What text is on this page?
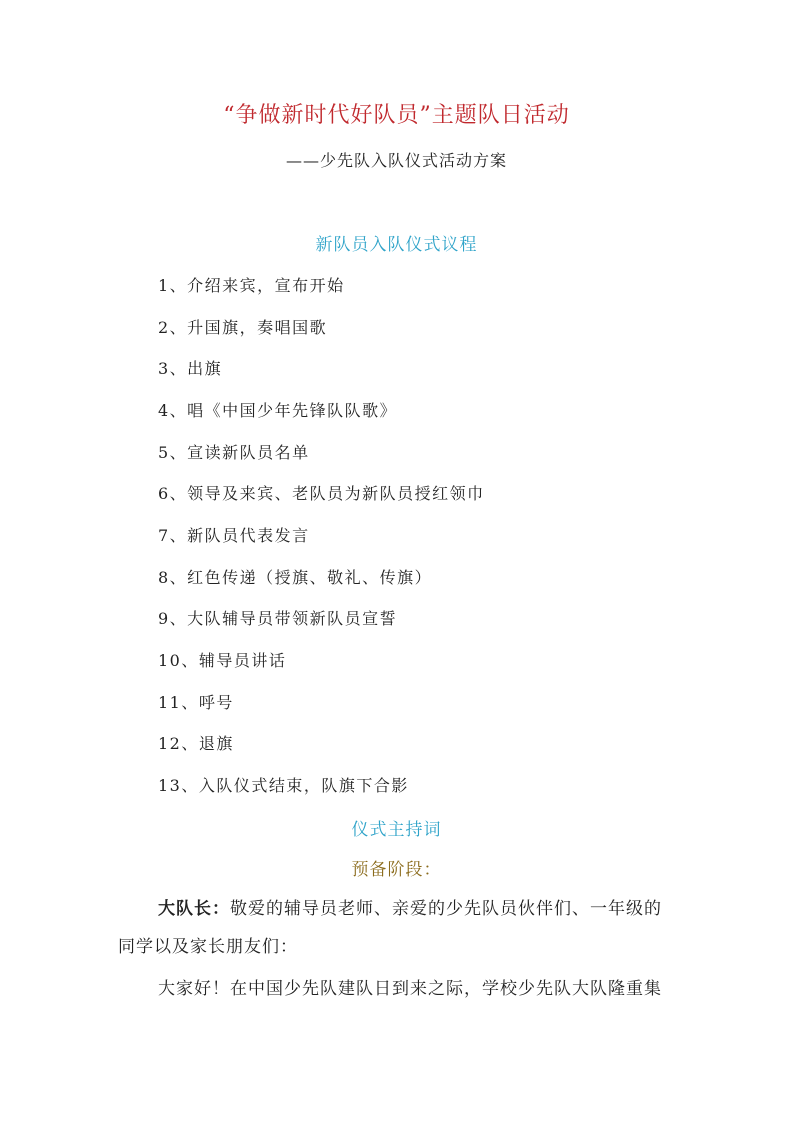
“争做新时代好队员”主题队日活动
——少先队入队仪式活动方案
新队员入队仪式议程
1、介绍来宾，宣布开始
2、升国旗，奏唱国歌
3、出旗
4、唱《中国少年先锋队队歌》
5、宣读新队员名单
6、领导及来宾、老队员为新队员授红领巾
7、新队员代表发言
8、红色传递（授旗、敬礼、传旗）
9、大队辅导员带领新队员宣誓
10、辅导员讲话
11、呼号
12、退旗
13、入队仪式结束，队旗下合影
仪式主持词
预备阶段：
大队长：敬爱的辅导员老师、亲爱的少先队员伙伴们、一年级的同学以及家长朋友们：
大家好！在中国少先队建队日到来之际，学校少先队大队隆重集
